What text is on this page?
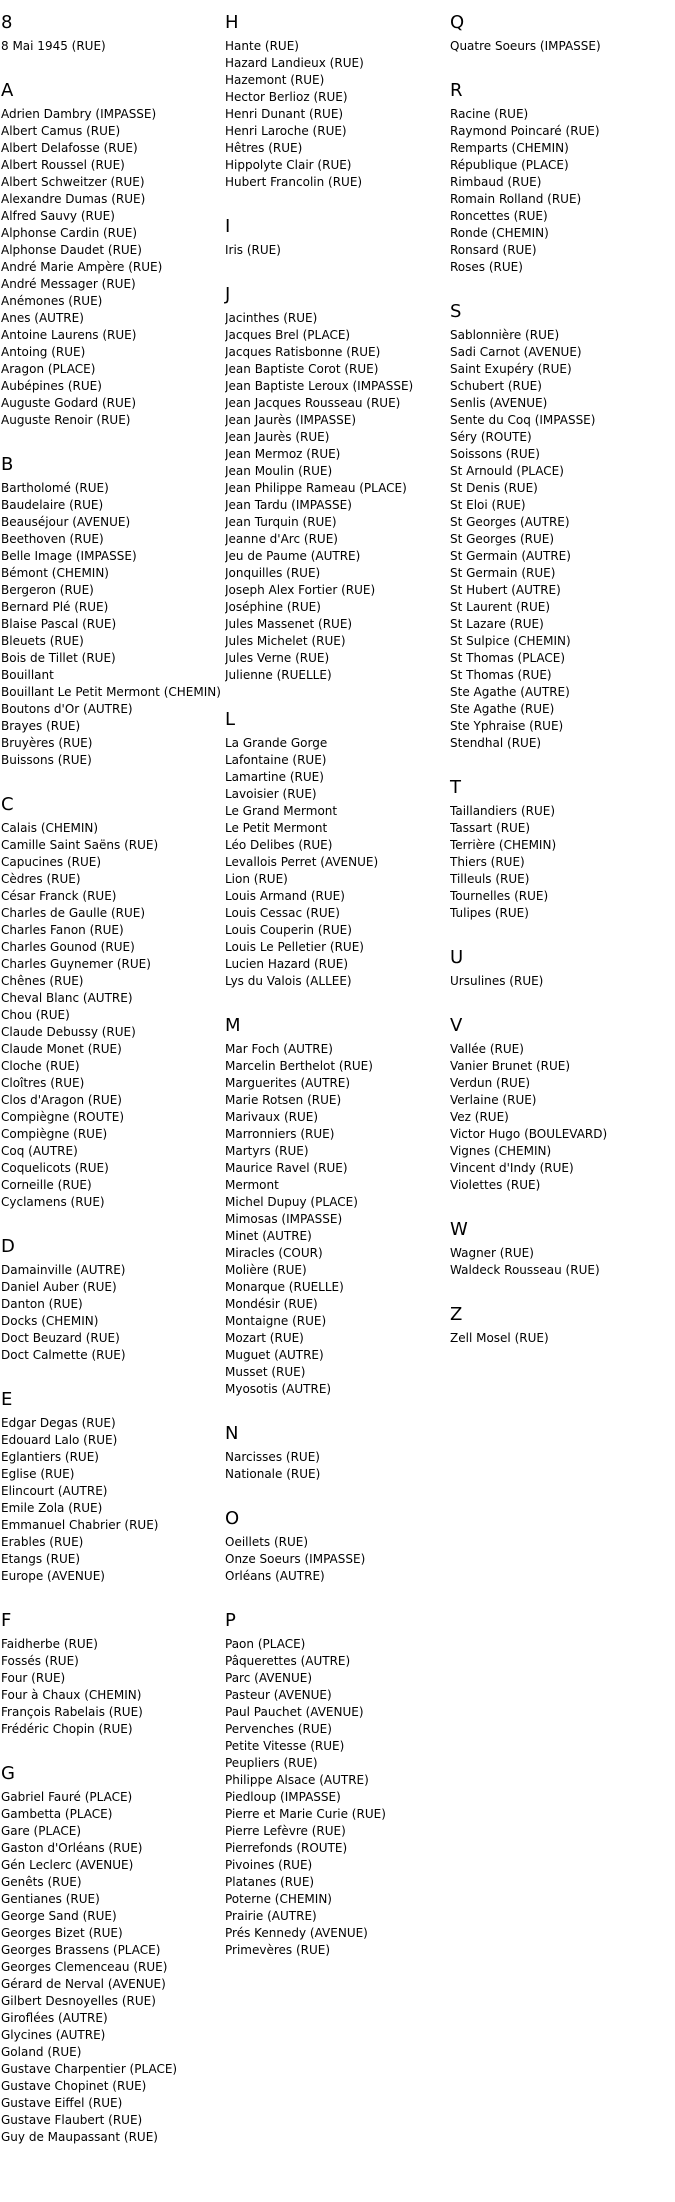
8
8 Mai 1945 (RUE)
A
Adrien Dambry (IMPASSE)
Albert Camus (RUE)
Albert Delafosse (RUE)
Albert Roussel (RUE)
Albert Schweitzer (RUE)
Alexandre Dumas (RUE)
Alfred Sauvy (RUE)
Alphonse Cardin (RUE)
Alphonse Daudet (RUE)
André Marie Ampère (RUE)
André Messager (RUE)
Anémones (RUE)
Anes (AUTRE)
Antoine Laurens (RUE)
Antoing (RUE)
Aragon (PLACE)
Aubépines (RUE)
Auguste Godard (RUE)
Auguste Renoir (RUE)
B
Bartholomé (RUE)
Baudelaire (RUE)
Beauséjour (AVENUE)
Beethoven (RUE)
Belle Image (IMPASSE)
Bémont (CHEMIN)
Bergeron (RUE)
Bernard Plé (RUE)
Blaise Pascal (RUE)
Bleuets (RUE)
Bois de Tillet (RUE)
Bouillant
Bouillant Le Petit Mermont (CHEMIN)
Boutons d'Or (AUTRE)
Brayes (RUE)
Bruyères (RUE)
Buissons (RUE)
C
Calais (CHEMIN)
Camille Saint Saëns (RUE)
Capucines (RUE)
Cèdres (RUE)
César Franck (RUE)
Charles de Gaulle (RUE)
Charles Fanon (RUE)
Charles Gounod (RUE)
Charles Guynemer (RUE)
Chênes (RUE)
Cheval Blanc (AUTRE)
Chou (RUE)
Claude Debussy (RUE)
Claude Monet (RUE)
Cloche (RUE)
Cloîtres (RUE)
Clos d'Aragon (RUE)
Compiègne (ROUTE)
Compiègne (RUE)
Coq (AUTRE)
Coquelicots (RUE)
Corneille (RUE)
Cyclamens (RUE)
D
Damainville (AUTRE)
Daniel Auber (RUE)
Danton (RUE)
Docks (CHEMIN)
Doct Beuzard (RUE)
Doct Calmette (RUE)
E
Edgar Degas (RUE)
Edouard Lalo (RUE)
Eglantiers (RUE)
Eglise (RUE)
Elincourt (AUTRE)
Emile Zola (RUE)
Emmanuel Chabrier (RUE)
Erables (RUE)
Etangs (RUE)
Europe (AVENUE)
F
Faidherbe (RUE)
Fossés (RUE)
Four (RUE)
Four à Chaux (CHEMIN)
François Rabelais (RUE)
Frédéric Chopin (RUE)
G
Gabriel Fauré (PLACE)
Gambetta (PLACE)
Gare (PLACE)
Gaston d'Orléans (RUE)
Gén Leclerc (AVENUE)
Genêts (RUE)
Gentianes (RUE)
George Sand (RUE)
Georges Bizet (RUE)
Georges Brassens (PLACE)
Georges Clemenceau (RUE)
Gérard de Nerval (AVENUE)
Gilbert Desnoyelles (RUE)
Giroflées (AUTRE)
Glycines (AUTRE)
Goland (RUE)
Gustave Charpentier (PLACE)
Gustave Chopinet (RUE)
Gustave Eiffel (RUE)
Gustave Flaubert (RUE)
Guy de Maupassant (RUE)
H
Hante (RUE)
Hazard Landieux (RUE)
Hazemont (RUE)
Hector Berlioz (RUE)
Henri Dunant (RUE)
Henri Laroche (RUE)
Hêtres (RUE)
Hippolyte Clair (RUE)
Hubert Francolin (RUE)
I
Iris (RUE)
J
Jacinthes (RUE)
Jacques Brel (PLACE)
Jacques Ratisbonne (RUE)
Jean Baptiste Corot (RUE)
Jean Baptiste Leroux (IMPASSE)
Jean Jacques Rousseau (RUE)
Jean Jaurès (IMPASSE)
Jean Jaurès (RUE)
Jean Mermoz (RUE)
Jean Moulin (RUE)
Jean Philippe Rameau (PLACE)
Jean Tardu (IMPASSE)
Jean Turquin (RUE)
Jeanne d'Arc (RUE)
Jeu de Paume (AUTRE)
Jonquilles (RUE)
Joseph Alex Fortier (RUE)
Joséphine (RUE)
Jules Massenet (RUE)
Jules Michelet (RUE)
Jules Verne (RUE)
Julienne (RUELLE)
L
La Grande Gorge
Lafontaine (RUE)
Lamartine (RUE)
Lavoisier (RUE)
Le Grand Mermont
Le Petit Mermont
Léo Delibes (RUE)
Levallois Perret (AVENUE)
Lion (RUE)
Louis Armand (RUE)
Louis Cessac (RUE)
Louis Couperin (RUE)
Louis Le Pelletier (RUE)
Lucien Hazard (RUE)
Lys du Valois (ALLEE)
M
Mar Foch (AUTRE)
Marcelin Berthelot (RUE)
Marguerites (AUTRE)
Marie Rotsen (RUE)
Marivaux (RUE)
Marronniers (RUE)
Martyrs (RUE)
Maurice Ravel (RUE)
Mermont
Michel Dupuy (PLACE)
Mimosas (IMPASSE)
Minet (AUTRE)
Miracles (COUR)
Molière (RUE)
Monarque (RUELLE)
Mondésir (RUE)
Montaigne (RUE)
Mozart (RUE)
Muguet (AUTRE)
Musset (RUE)
Myosotis (AUTRE)
N
Narcisses (RUE)
Nationale (RUE)
O
Oeillets (RUE)
Onze Soeurs (IMPASSE)
Orléans (AUTRE)
P
Paon (PLACE)
Pâquerettes (AUTRE)
Parc (AVENUE)
Pasteur (AVENUE)
Paul Pauchet (AVENUE)
Pervenches (RUE)
Petite Vitesse (RUE)
Peupliers (RUE)
Philippe Alsace (AUTRE)
Piedloup (IMPASSE)
Pierre et Marie Curie (RUE)
Pierre Lefèvre (RUE)
Pierrefonds (ROUTE)
Pivoines (RUE)
Platanes (RUE)
Poterne (CHEMIN)
Prairie (AUTRE)
Prés Kennedy (AVENUE)
Primevères (RUE)
Q
Quatre Soeurs (IMPASSE)
R
Racine (RUE)
Raymond Poincaré (RUE)
Remparts (CHEMIN)
République (PLACE)
Rimbaud (RUE)
Romain Rolland (RUE)
Roncettes (RUE)
Ronde (CHEMIN)
Ronsard (RUE)
Roses (RUE)
S
Sablonnière (RUE)
Sadi Carnot (AVENUE)
Saint Exupéry (RUE)
Schubert (RUE)
Senlis (AVENUE)
Sente du Coq (IMPASSE)
Séry (ROUTE)
Soissons (RUE)
St Arnould (PLACE)
St Denis (RUE)
St Eloi (RUE)
St Georges (AUTRE)
St Georges (RUE)
St Germain (AUTRE)
St Germain (RUE)
St Hubert (AUTRE)
St Laurent (RUE)
St Lazare (RUE)
St Sulpice (CHEMIN)
St Thomas (PLACE)
St Thomas (RUE)
Ste Agathe (AUTRE)
Ste Agathe (RUE)
Ste Yphraise (RUE)
Stendhal (RUE)
T
Taillandiers (RUE)
Tassart (RUE)
Terrière (CHEMIN)
Thiers (RUE)
Tilleuls (RUE)
Tournelles (RUE)
Tulipes (RUE)
U
Ursulines (RUE)
V
Vallée (RUE)
Vanier Brunet (RUE)
Verdun (RUE)
Verlaine (RUE)
Vez (RUE)
Victor Hugo (BOULEVARD)
Vignes (CHEMIN)
Vincent d'Indy (RUE)
Violettes (RUE)
W
Wagner (RUE)
Waldeck Rousseau (RUE)
Z
Zell Mosel (RUE)
